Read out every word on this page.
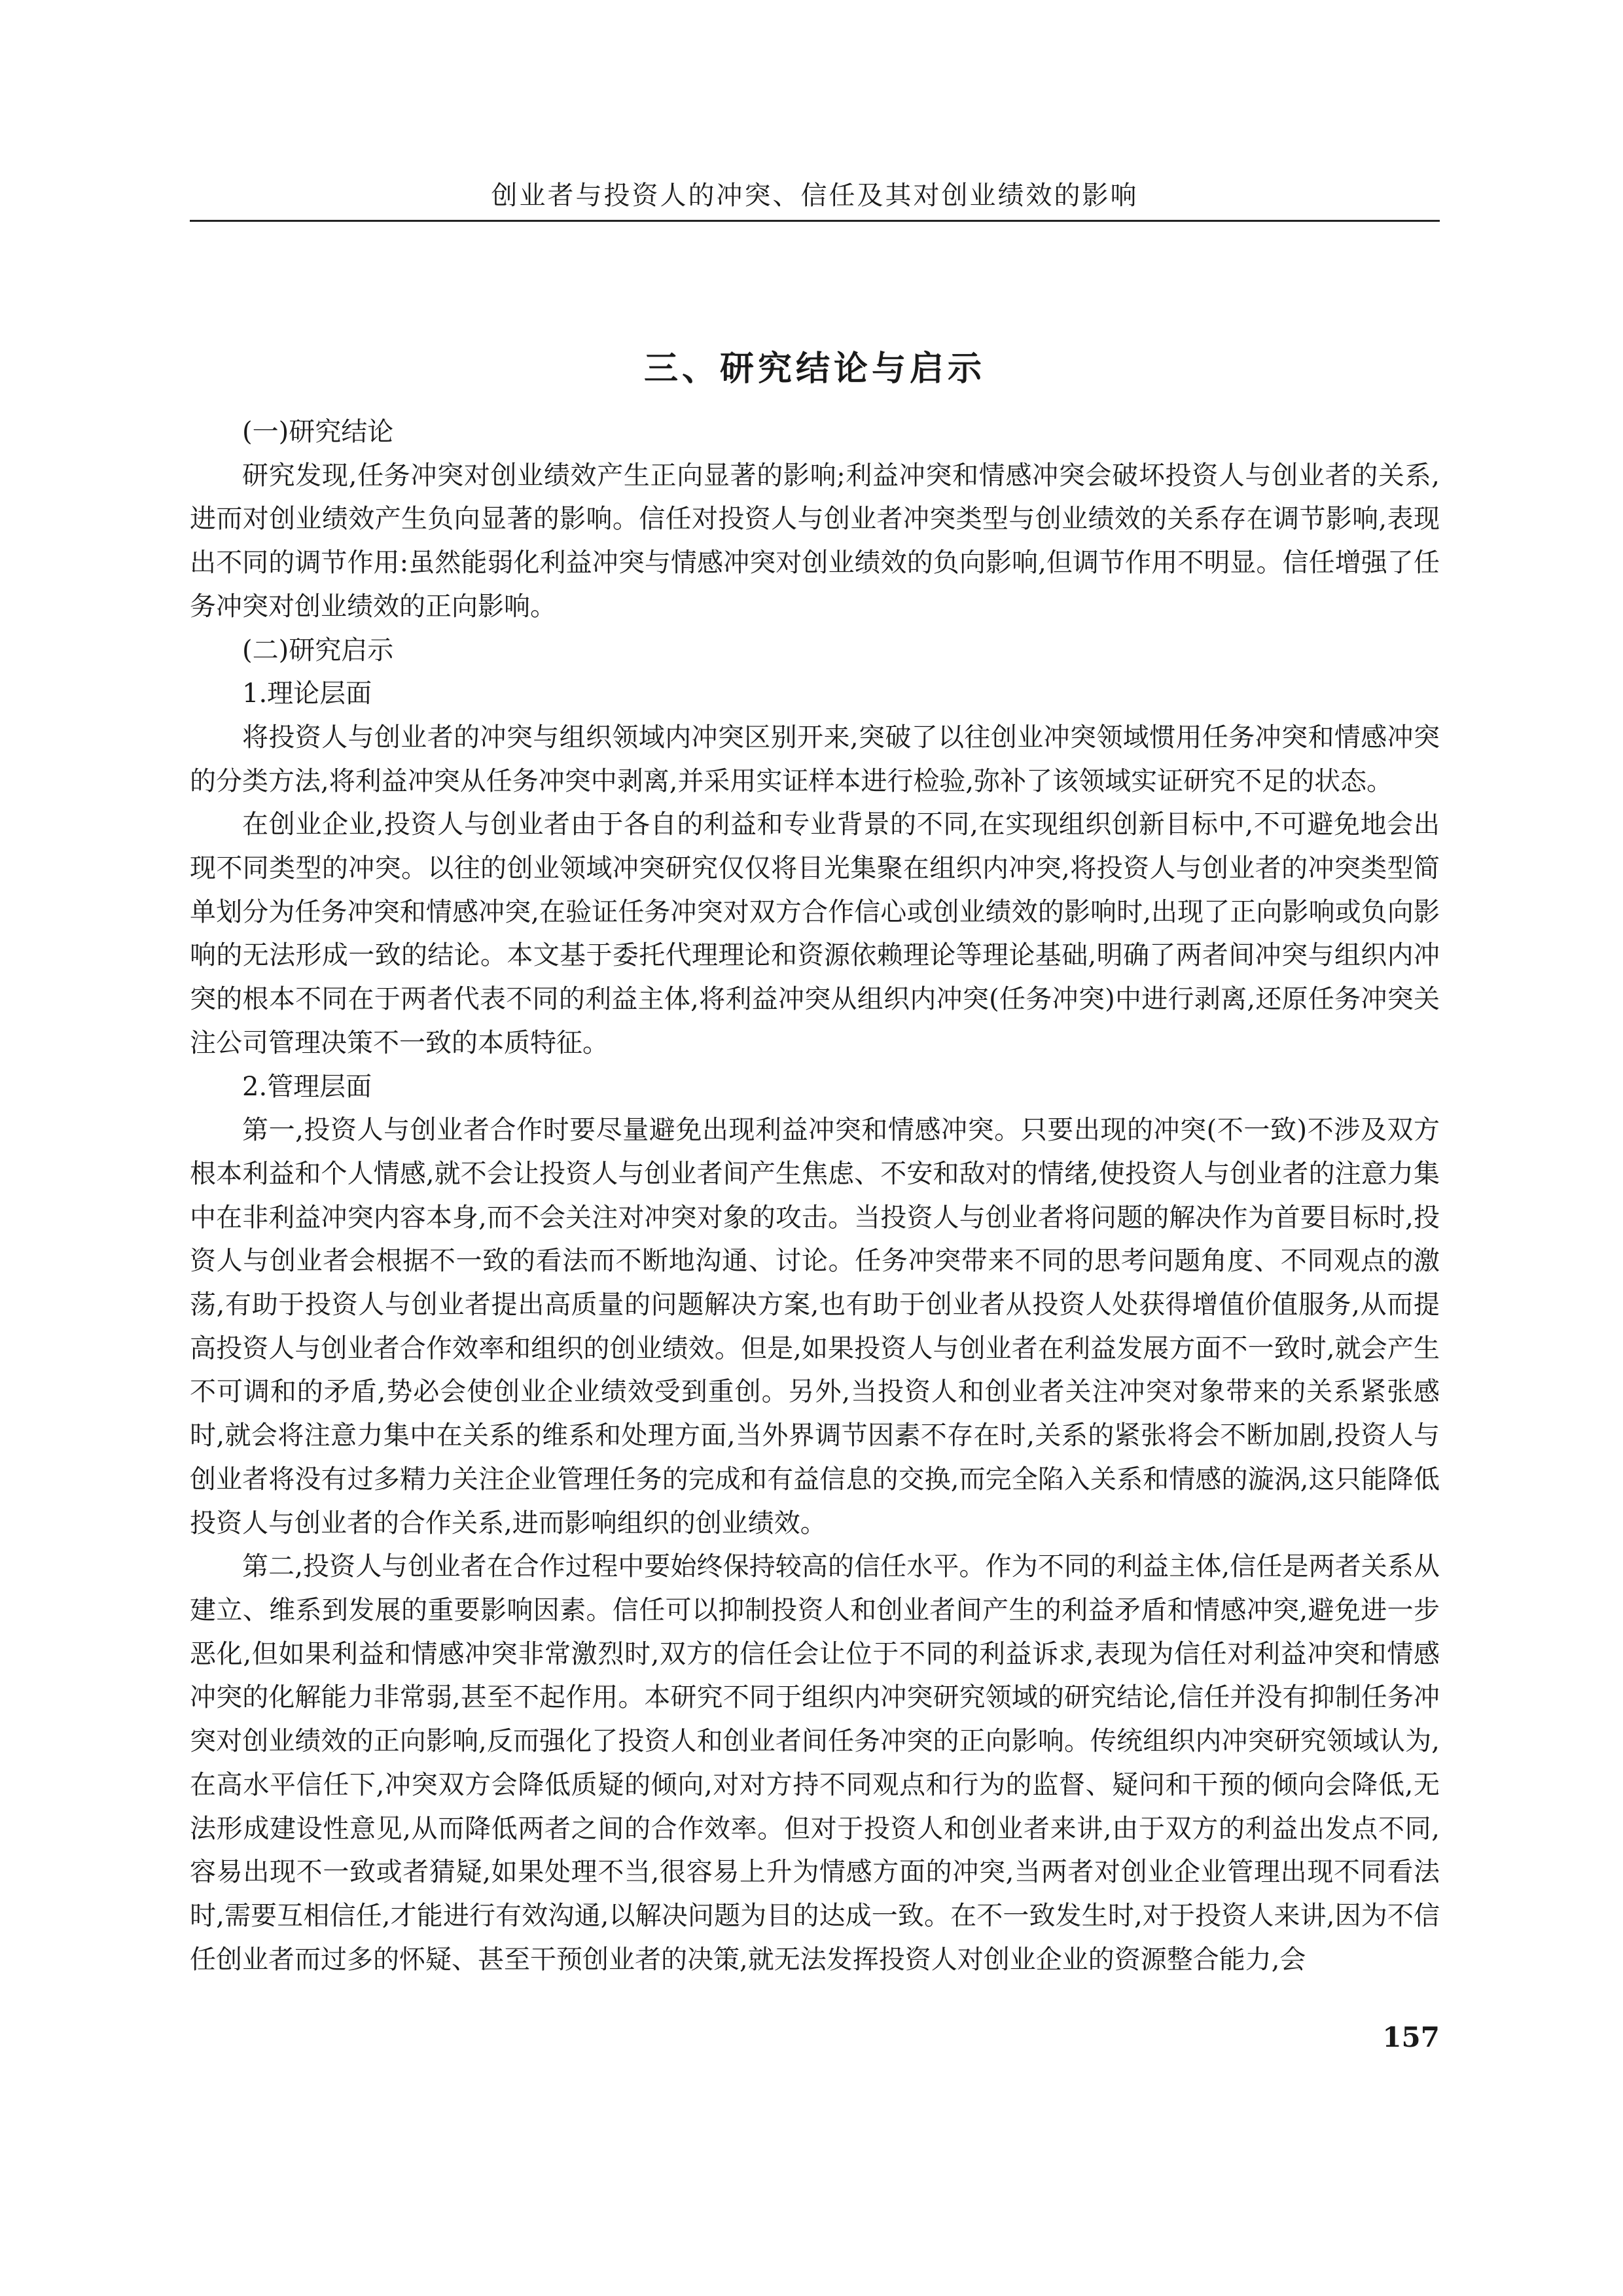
创业者与投资人的冲突、信任及其对创业绩效的影响
三、研究结论与启示

(一)研究结论

研究发现,任务冲突对创业绩效产生正向显著的影响;利益冲突和情感冲突会破坏投资人与创业者的关系,进而对创业绩效产生负向显著的影响。信任对投资人与创业者冲突类型与创业绩效的关系存在调节影响,表现出不同的调节作用:虽然能弱化利益冲突与情感冲突对创业绩效的负向影响,但调节作用不明显。信任增强了任务冲突对创业绩效的正向影响。

(二)研究启示

1.理论层面

将投资人与创业者的冲突与组织领域内冲突区别开来,突破了以往创业冲突领域惯用任务冲突和情感冲突的分类方法,将利益冲突从任务冲突中剥离,并采用实证样本进行检验,弥补了该领域实证研究不足的状态。

在创业企业,投资人与创业者由于各自的利益和专业背景的不同,在实现组织创新目标中,不可避免地会出现不同类型的冲突。以往的创业领域冲突研究仅仅将目光集聚在组织内冲突,将投资人与创业者的冲突类型简单划分为任务冲突和情感冲突,在验证任务冲突对双方合作信心或创业绩效的影响时,出现了正向影响或负向影响的无法形成一致的结论。本文基于委托代理理论和资源依赖理论等理论基础,明确了两者间冲突与组织内冲突的根本不同在于两者代表不同的利益主体,将利益冲突从组织内冲突(任务冲突)中进行剥离,还原任务冲突关注公司管理决策不一致的本质特征。

2.管理层面

第一,投资人与创业者合作时要尽量避免出现利益冲突和情感冲突。只要出现的冲突(不一致)不涉及双方根本利益和个人情感,就不会让投资人与创业者间产生焦虑、不安和敌对的情绪,使投资人与创业者的注意力集中在非利益冲突内容本身,而不会关注对冲突对象的攻击。当投资人与创业者将问题的解决作为首要目标时,投资人与创业者会根据不一致的看法而不断地沟通、讨论。任务冲突带来不同的思考问题角度、不同观点的激荡,有助于投资人与创业者提出高质量的问题解决方案,也有助于创业者从投资人处获得增值价值服务,从而提高投资人与创业者合作效率和组织的创业绩效。但是,如果投资人与创业者在利益发展方面不一致时,就会产生不可调和的矛盾,势必会使创业企业绩效受到重创。另外,当投资人和创业者关注冲突对象带来的关系紧张感时,就会将注意力集中在关系的维系和处理方面,当外界调节因素不存在时,关系的紧张将会不断加剧,投资人与创业者将没有过多精力关注企业管理任务的完成和有益信息的交换,而完全陷入关系和情感的漩涡,这只能降低投资人与创业者的合作关系,进而影响组织的创业绩效。

第二,投资人与创业者在合作过程中要始终保持较高的信任水平。作为不同的利益主体,信任是两者关系从建立、维系到发展的重要影响因素。信任可以抑制投资人和创业者间产生的利益矛盾和情感冲突,避免进一步恶化,但如果利益和情感冲突非常激烈时,双方的信任会让位于不同的利益诉求,表现为信任对利益冲突和情感冲突的化解能力非常弱,甚至不起作用。本研究不同于组织内冲突研究领域的研究结论,信任并没有抑制任务冲突对创业绩效的正向影响,反而强化了投资人和创业者间任务冲突的正向影响。传统组织内冲突研究领域认为,在高水平信任下,冲突双方会降低质疑的倾向,对对方持不同观点和行为的监督、疑问和干预的倾向会降低,无法形成建设性意见,从而降低两者之间的合作效率。但对于投资人和创业者来讲,由于双方的利益出发点不同,容易出现不一致或者猜疑,如果处理不当,很容易上升为情感方面的冲突,当两者对创业企业管理出现不同看法时,需要互相信任,才能进行有效沟通,以解决问题为目的达成一致。在不一致发生时,对于投资人来讲,因为不信任创业者而过多的怀疑、甚至干预创业者的决策,就无法发挥投资人对创业企业的资源整合能力,会

157
